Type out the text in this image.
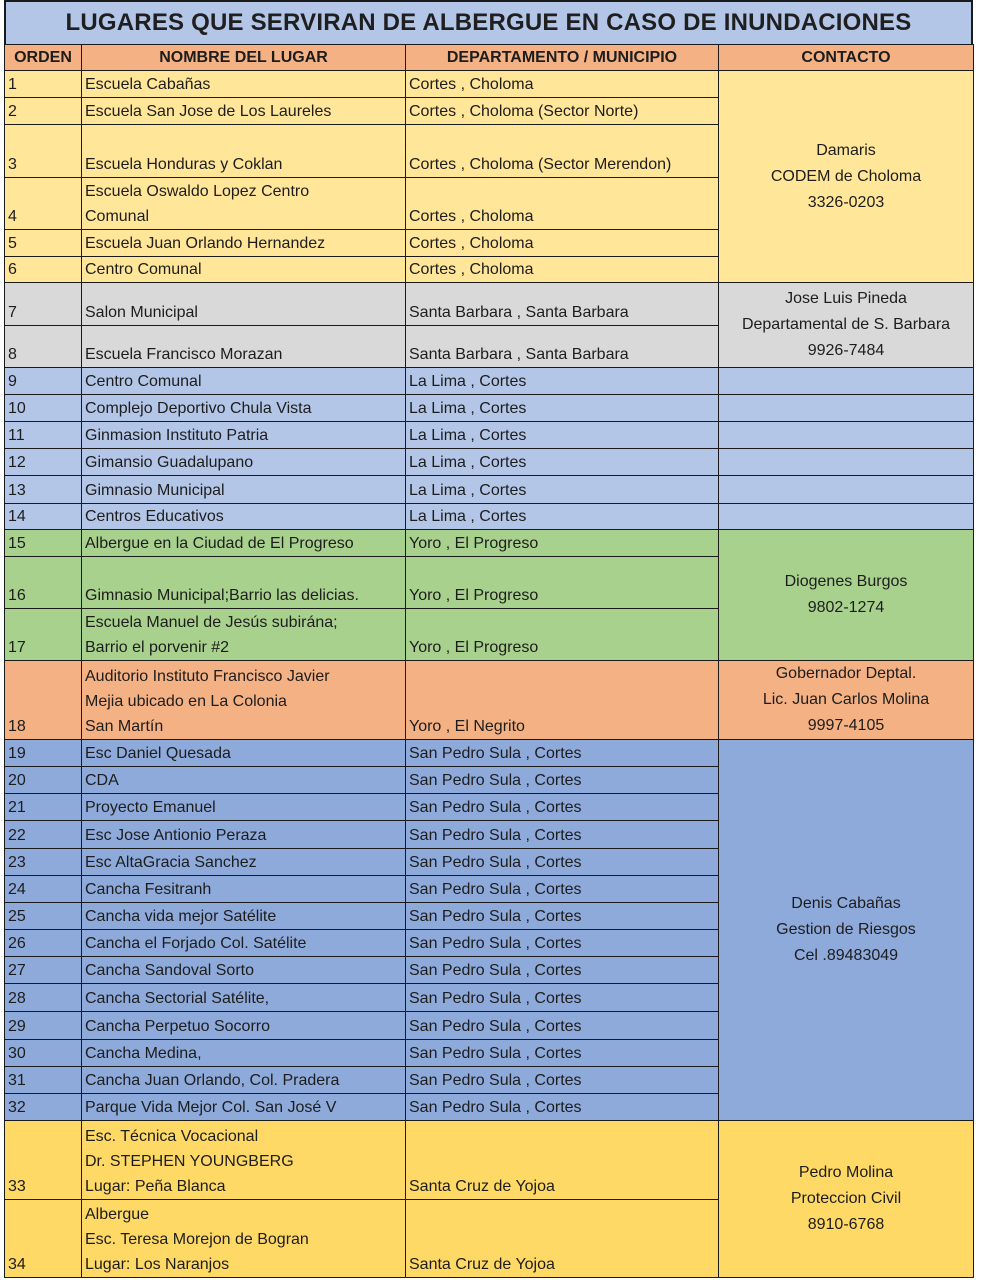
LUGARES QUE SERVIRAN DE ALBERGUE EN CASO DE INUNDACIONES
ORDEN	NOMBRE DEL LUGAR	DEPARTAMENTO / MUNICIPIO	CONTACTO
1	Escuela Cabañas	Cortes , Choloma	Damaris
CODEM de Choloma
3326-0203

2	Escuela San Jose de Los Laureles	Cortes , Choloma (Sector Norte)	
3	Escuela Honduras y Coklan	Cortes , Choloma (Sector Merendon)	
4	Escuela Oswaldo Lopez Centro
Comunal	Cortes , Choloma	
5	Escuela Juan Orlando Hernandez	Cortes , Choloma	
6	Centro Comunal	Cortes , Choloma	
7	Salon Municipal	Santa Barbara , Santa Barbara	Jose Luis Pineda
Departamental de S. Barbara
9926-7484

8	Escuela Francisco Morazan	Santa Barbara , Santa Barbara	
9	Centro Comunal	La Lima , Cortes	
10	Complejo Deportivo Chula Vista	La Lima , Cortes	
11	Ginmasion Instituto Patria	La Lima , Cortes	
12	Gimansio Guadalupano	La Lima , Cortes	
13	Gimnasio Municipal	La Lima , Cortes	
14	Centros Educativos	La Lima , Cortes	
15	Albergue en la Ciudad de El Progreso	Yoro , El Progreso	Diogenes Burgos
9802-1274

16	Gimnasio Municipal;Barrio las delicias.	Yoro , El Progreso	
17	Escuela Manuel de Jesús subirána;
Barrio el porvenir #2	Yoro , El Progreso	
18	Auditorio Instituto Francisco Javier
Mejia ubicado en La Colonia
San Martín	Yoro , El Negrito	Gobernador Deptal.
Lic. Juan Carlos Molina
9997-4105

19	Esc Daniel Quesada	San Pedro Sula , Cortes	Denis Cabañas
Gestion de Riesgos
Cel .89483049

20	CDA	San Pedro Sula , Cortes	
21	Proyecto Emanuel	San Pedro Sula , Cortes	
22	Esc Jose Antionio Peraza	San Pedro Sula , Cortes	
23	Esc AltaGracia Sanchez	San Pedro Sula , Cortes	
24	Cancha Fesitranh	San Pedro Sula , Cortes	
25	Cancha vida mejor Satélite	San Pedro Sula , Cortes	
26	Cancha el Forjado Col. Satélite	San Pedro Sula , Cortes	
27	Cancha Sandoval Sorto	San Pedro Sula , Cortes	
28	Cancha Sectorial Satélite,	San Pedro Sula , Cortes	
29	Cancha Perpetuo Socorro	San Pedro Sula , Cortes	
30	Cancha Medina,	San Pedro Sula , Cortes	
31	Cancha Juan Orlando, Col. Pradera	San Pedro Sula , Cortes	
32	Parque Vida Mejor Col. San José V	San Pedro Sula , Cortes	
33	Esc. Técnica Vocacional
Dr. STEPHEN YOUNGBERG
Lugar: Peña Blanca	Santa Cruz de Yojoa	Pedro Molina
Proteccion Civil
8910-6768

34	Albergue
Esc. Teresa Morejon de Bogran
Lugar: Los Naranjos	Santa Cruz de Yojoa	
